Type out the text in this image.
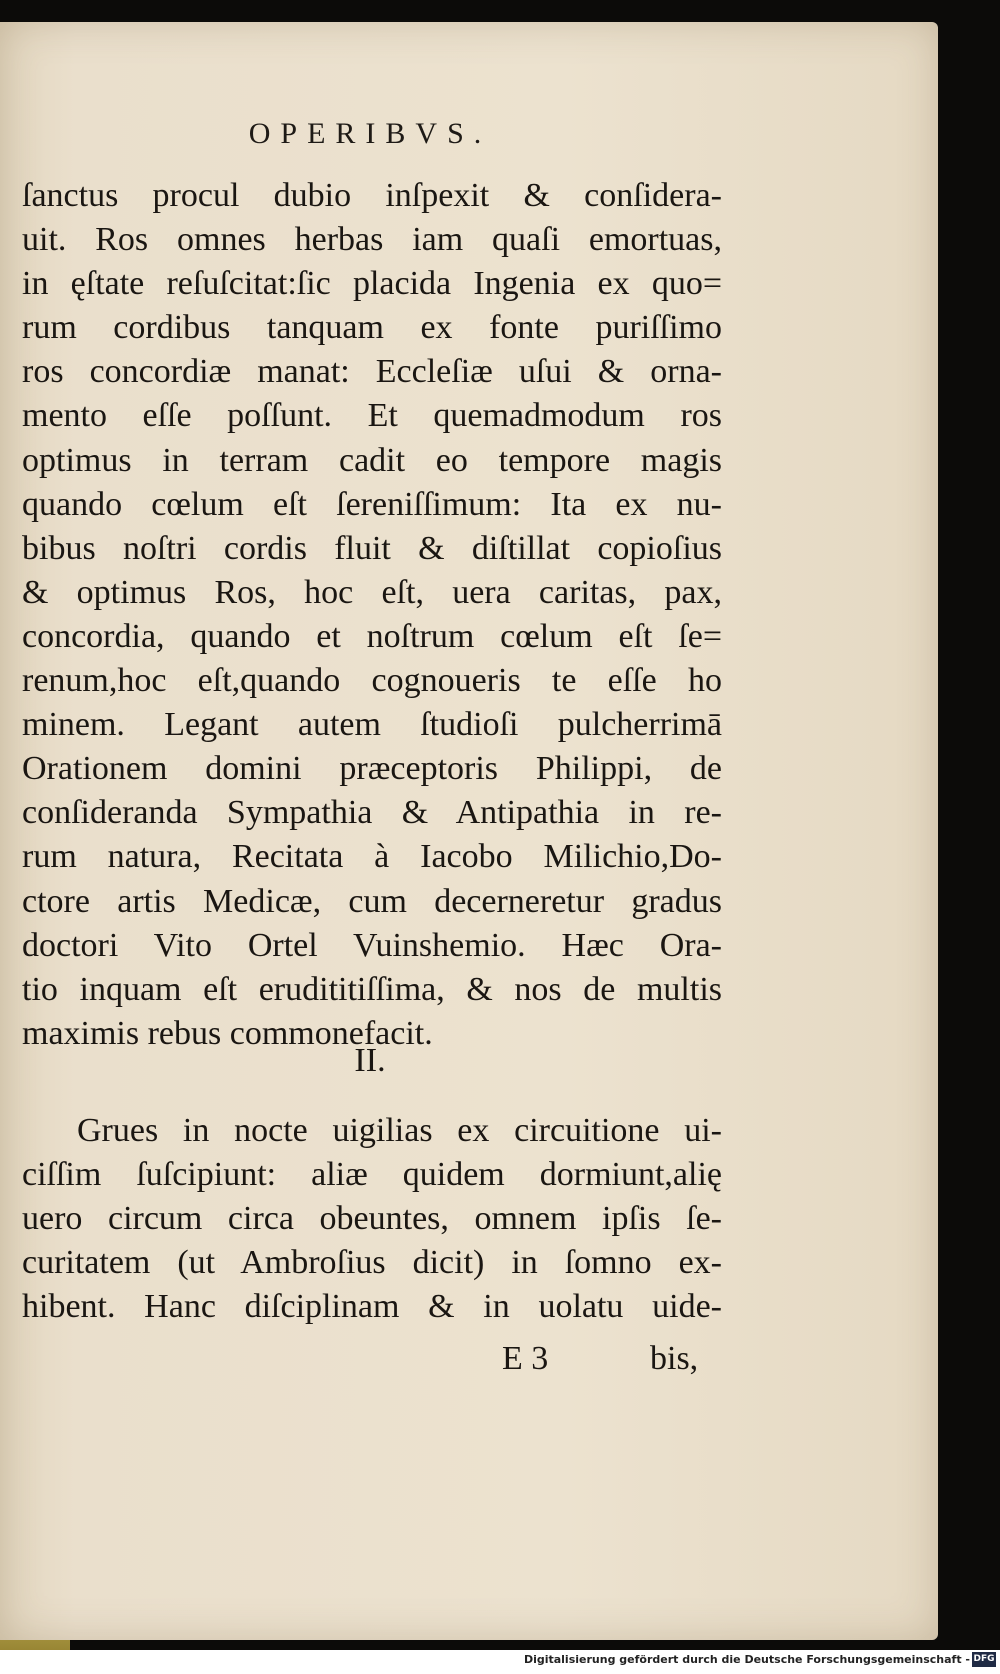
OPERIBVS.
ſanctus procul dubio inſpexit & conſidera-
uit. Ros omnes herbas iam quaſi emortuas,
in ęſtate reſuſcitat:ſic placida Ingenia ex quo=
rum cordibus tanquam ex fonte puriſſimo
ros concordiæ manat: Eccleſiæ uſui & orna-
mento eſſe poſſunt. Et quemadmodum ros
optimus in terram cadit eo tempore magis
quando cœlum eſt ſereniſſimum: Ita ex nu-
bibus noſtri cordis fluit & diſtillat copioſius
& optimus Ros, hoc eſt, uera caritas, pax,
concordia, quando et noſtrum cœlum eſt ſe=
renum,hoc eſt,quando cognoueris te eſſe ho
minem. Legant autem ſtudioſi pulcherrimā
Orationem domini præceptoris Philippi, de
conſideranda Sympathia & Antipathia in re-
rum natura, Recitata à Iacobo Milichio,Do-
ctore artis Medicæ, cum decerneretur gradus
doctori Vito Ortel Vuinshemio. Hæc Ora-
tio inquam eſt erudititiſſima, & nos de multis
maximis rebus commonefacit.
II.
Grues in nocte uigilias ex circuitione ui-
ciſſim ſuſcipiunt: aliæ quidem dormiunt,alię
uero circum circa obeuntes, omnem ipſis ſe-
curitatem (ut Ambroſius dicit) in ſomno ex-
hibent. Hanc diſciplinam & in uolatu uide-
E 3	bis,
Digitalisierung gefördert durch die Deutsche Forschungsgemeinschaft - DFG
